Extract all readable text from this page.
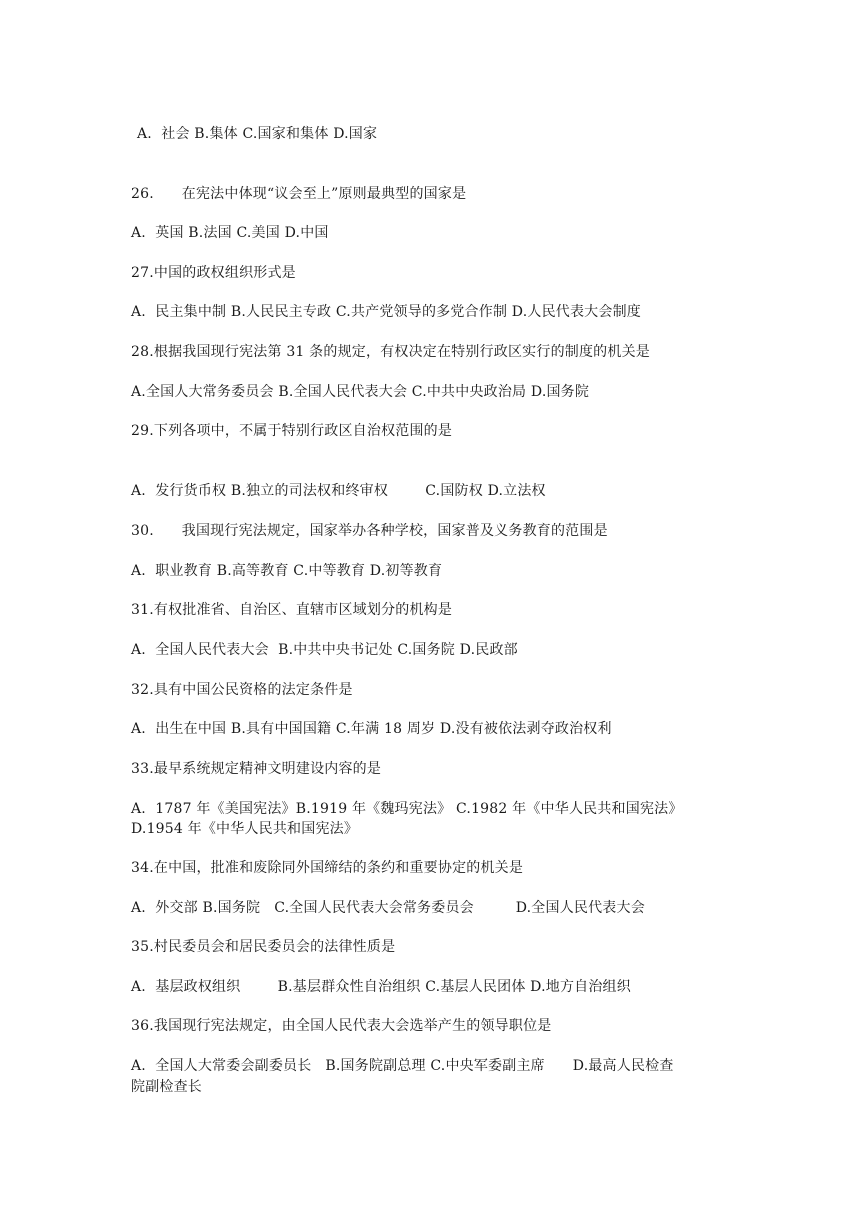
A.  社会 B.集体 C.国家和集体 D.国家
26.      在宪法中体现“议会至上”原则最典型的国家是
A.  英国 B.法国 C.美国 D.中国
27.中国的政权组织形式是
A.  民主集中制 B.人民民主专政 C.共产党领导的多党合作制 D.人民代表大会制度
28.根据我国现行宪法第 31 条的规定，有权决定在特别行政区实行的制度的机关是
A.全国人大常务委员会 B.全国人民代表大会 C.中共中央政治局 D.国务院
29.下列各项中，不属于特别行政区自治权范围的是
A.  发行货币权 B.独立的司法权和终审权        C.国防权 D.立法权
30.      我国现行宪法规定，国家举办各种学校，国家普及义务教育的范围是
A.  职业教育 B.高等教育 C.中等教育 D.初等教育
31.有权批准省、自治区、直辖市区域划分的机构是
A.  全国人民代表大会  B.中共中央书记处 C.国务院 D.民政部
32.具有中国公民资格的法定条件是
A.  出生在中国 B.具有中国国籍 C.年满 18 周岁 D.没有被依法剥夺政治权利
33.最早系统规定精神文明建设内容的是
A.  1787 年《美国宪法》B.1919 年《魏玛宪法》 C.1982 年《中华人民共和国宪法》
D.1954 年《中华人民共和国宪法》
34.在中国，批准和废除同外国缔结的条约和重要协定的机关是
A.  外交部 B.国务院   C.全国人民代表大会常务委员会         D.全国人民代表大会
35.村民委员会和居民委员会的法律性质是
A.  基层政权组织        B.基层群众性自治组织 C.基层人民团体 D.地方自治组织
36.我国现行宪法规定，由全国人民代表大会选举产生的领导职位是
A.  全国人大常委会副委员长   B.国务院副总理 C.中央军委副主席      D.最高人民检查
院副检查长
